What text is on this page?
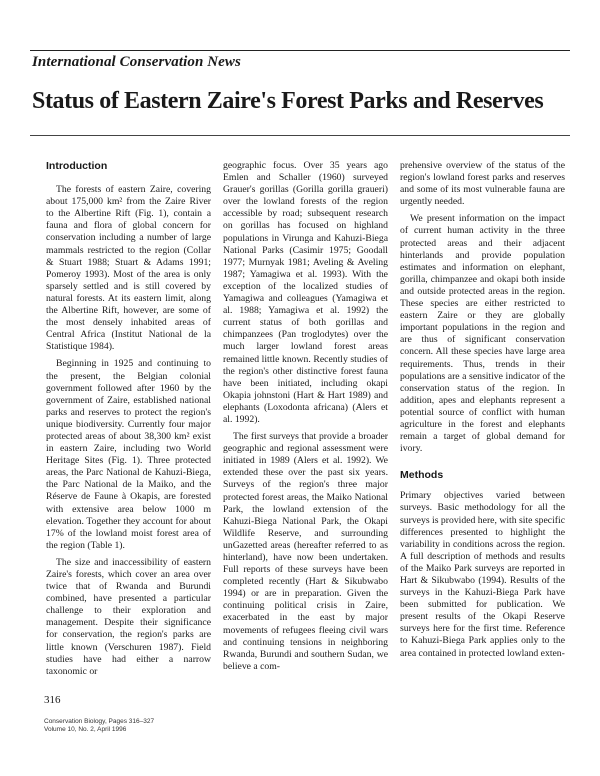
International Conservation News
Status of Eastern Zaire's Forest Parks and Reserves
Introduction

The forests of eastern Zaire, covering about 175,000 km² from the Zaire River to the Albertine Rift (Fig. 1), contain a fauna and flora of global concern for conservation including a number of large mammals restricted to the region (Collar & Stuart 1988; Stuart & Adams 1991; Pomeroy 1993). Most of the area is only sparsely settled and is still covered by natural forests. At its eastern limit, along the Albertine Rift, however, are some of the most densely inhabited areas of Central Africa (Institut National de la Statistique 1984).

Beginning in 1925 and continuing to the present, the Belgian colonial government followed after 1960 by the government of Zaire, established national parks and reserves to protect the region's unique biodiversity. Currently four major protected areas of about 38,300 km² exist in eastern Zaire, including two World Heritage Sites (Fig. 1). Three protected areas, the Parc National de Kahuzi-Biega, the Parc National de la Maiko, and the Réserve de Faune à Okapis, are forested with extensive area below 1000 m elevation. Together they account for about 17% of the lowland moist forest area of the region (Table 1).

The size and inaccessibility of eastern Zaire's forests, which cover an area over twice that of Rwanda and Burundi combined, have presented a particular challenge to their exploration and management. Despite their significance for conservation, the region's parks are little known (Verschuren 1987). Field studies have had either a narrow taxonomic or

geographic focus. Over 35 years ago Emlen and Schaller (1960) surveyed Grauer's gorillas (Gorilla gorilla graueri) over the lowland forests of the region accessible by road; subsequent research on gorillas has focused on highland populations in Virunga and Kahuzi-Biega National Parks (Casimir 1975; Goodall 1977; Murnyak 1981; Aveling & Aveling 1987; Yamagiwa et al. 1993). With the exception of the localized studies of Yamagiwa and colleagues (Yamagiwa et al. 1988; Yamagiwa et al. 1992) the current status of both gorillas and chimpanzees (Pan troglodytes) over the much larger lowland forest areas remained little known. Recently studies of the region's other distinctive forest fauna have been initiated, including okapi Okapia johnstoni (Hart & Hart 1989) and elephants (Loxodonta africana) (Alers et al. 1992).

The first surveys that provide a broader geographic and regional assessment were initiated in 1989 (Alers et al. 1992). We extended these over the past six years. Surveys of the region's three major protected forest areas, the Maiko National Park, the lowland extension of the Kahuzi-Biega National Park, the Okapi Wildlife Reserve, and surrounding unGazetted areas (hereafter referred to as hinterland), have now been undertaken. Full reports of these surveys have been completed recently (Hart & Sikubwabo 1994) or are in preparation. Given the continuing political crisis in Zaire, exacerbated in the east by major movements of refugees fleeing civil wars and continuing tensions in neighboring Rwanda, Burundi and southern Sudan, we believe a com-

prehensive overview of the status of the region's lowland forest parks and reserves and some of its most vulnerable fauna are urgently needed.

We present information on the impact of current human activity in the three protected areas and their adjacent hinterlands and provide population estimates and information on elephant, gorilla, chimpanzee and okapi both inside and outside protected areas in the region. These species are either restricted to eastern Zaire or they are globally important populations in the region and are thus of significant conservation concern. All these species have large area requirements. Thus, trends in their populations are a sensitive indicator of the conservation status of the region. In addition, apes and elephants represent a potential source of conflict with human agriculture in the forest and elephants remain a target of global demand for ivory.

Methods

Primary objectives varied between surveys. Basic methodology for all the surveys is provided here, with site specific differences presented to highlight the variability in conditions across the region. A full description of methods and results of the Maiko Park surveys are reported in Hart & Sikubwabo (1994). Results of the surveys in the Kahuzi-Biega Park have been submitted for publication. We present results of the Okapi Reserve surveys here for the first time. Reference to Kahuzi-Biega Park applies only to the area contained in protected lowland exten-

316
Conservation Biology, Pages 316–327
Volume 10, No. 2, April 1996
